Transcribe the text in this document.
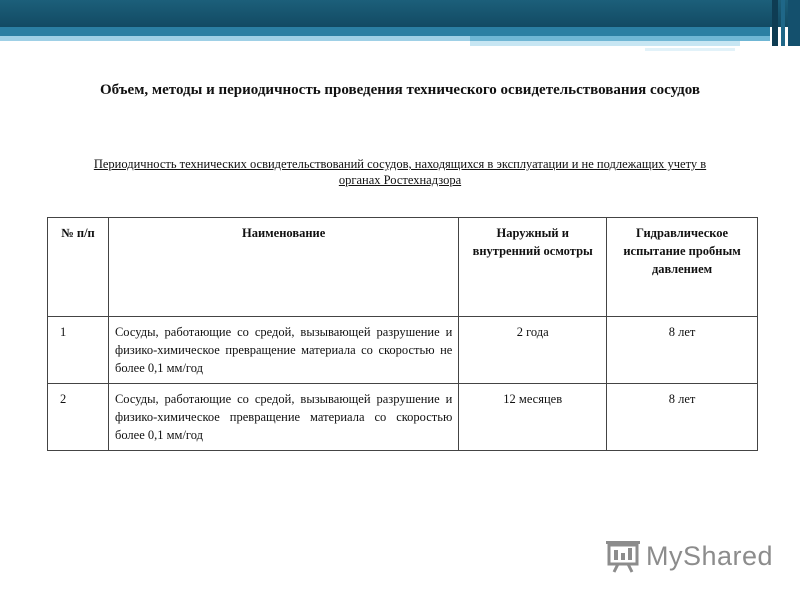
Объем, методы и периодичность проведения технического освидетельствования сосудов
Периодичность технических освидетельствований сосудов, находящихся в эксплуатации и не подлежащих учету в органах Ростехнадзора
№ п/п	Наименование	Наружный и внутренний осмотры	Гидравлическое испытание пробным давлением
1	Сосуды, работающие со средой, вызывающей разрушение и физико-химическое превращение материала со скоростью не более 0,1 мм/год	2 года	8 лет
2	Сосуды, работающие со средой, вызывающей разрушение и физико-химическое превращение материала со скоростью более 0,1 мм/год	12 месяцев	8 лет
MyShared
